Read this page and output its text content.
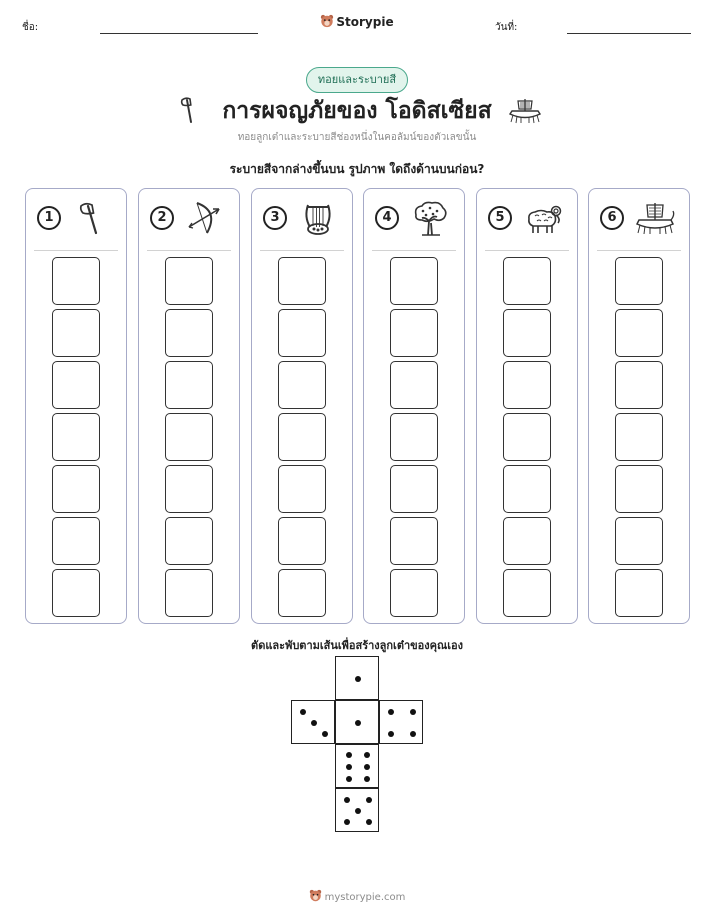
ชื่อ:	Storypie	วันที่:
ทอยและระบายสี
การผจญภัยของ โอดิสเซียส
ทอยลูกเต๋าและระบายสีช่องหนึ่งในคอลัมน์ของตัวเลขนั้น
ระบายสีจากล่างขึ้นบน รูปภาพ ใดถึงด้านบนก่อน?
1	2	3	4	5	6
ตัดและพับตามเส้นเพื่อสร้างลูกเต๋าของคุณเอง
mystorypie.com
